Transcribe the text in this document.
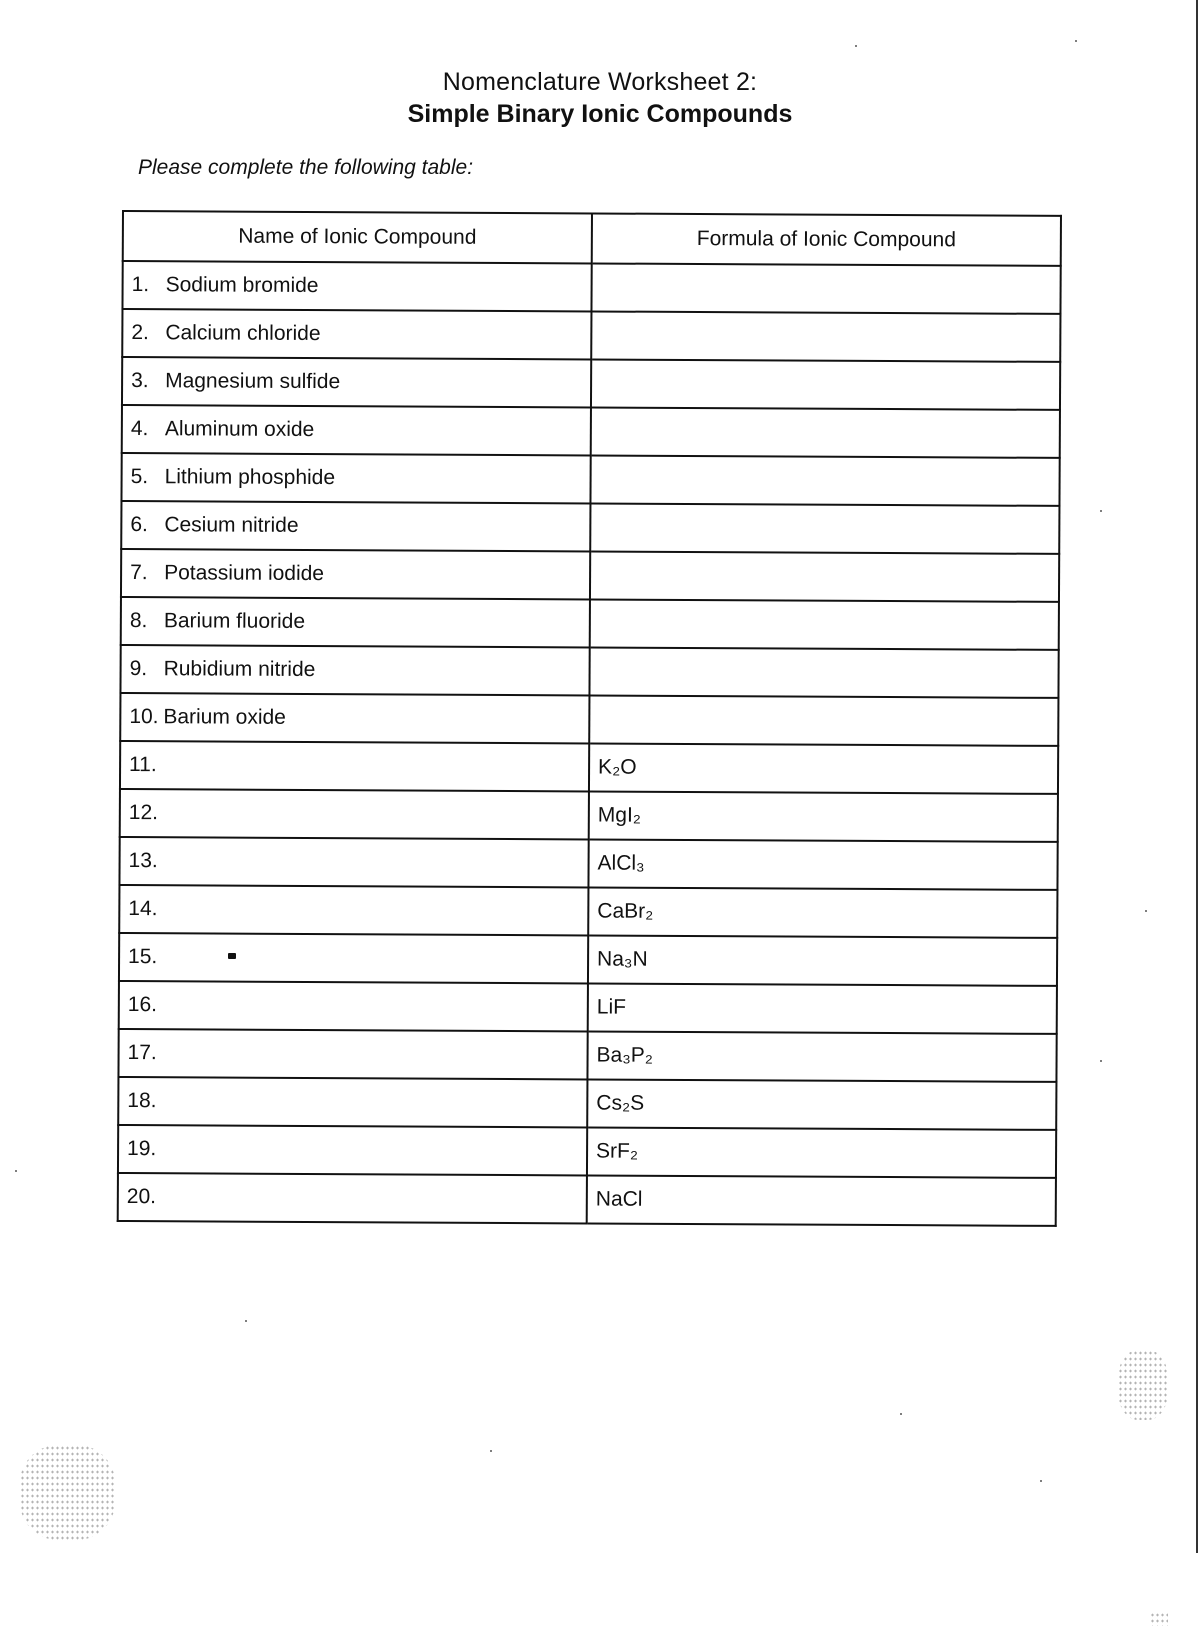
Nomenclature Worksheet 2:
Simple Binary Ionic Compounds
Please complete the following table:
Name of Ionic Compound	Formula of Ionic Compound
1. Sodium bromide	
2. Calcium chloride	
3. Magnesium sulfide	
4. Aluminum oxide	
5. Lithium phosphide	
6. Cesium nitride	
7. Potassium iodide	
8. Barium fluoride	
9. Rubidium nitride	
10. Barium oxide	
11.	K₂O
12.	MgI₂
13.	AlCl₃
14.	CaBr₂
15.	Na₃N
16.	LiF
17.	Ba₃P₂
18.	Cs₂S
19.	SrF₂
20.	NaCl
